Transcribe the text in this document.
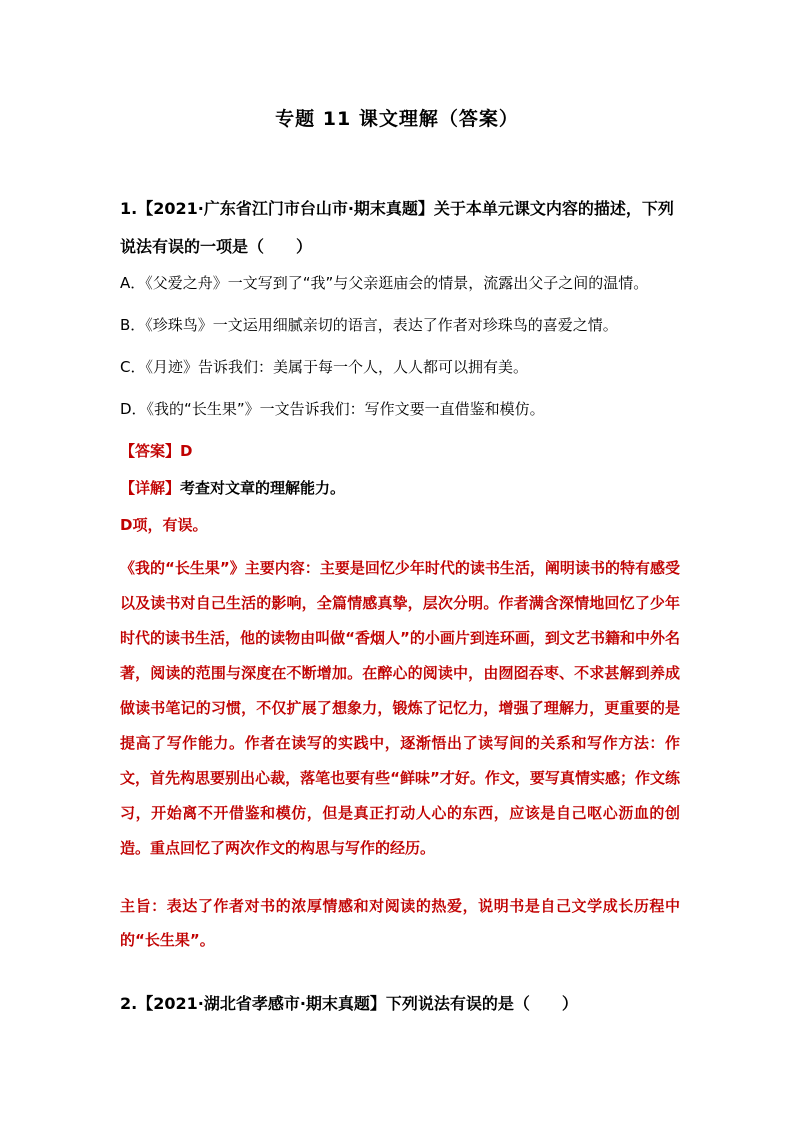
专题 11 课文理解（答案）
1.【2021·广东省江门市台山市·期末真题】关于本单元课文内容的描述，下列说法有误的一项是（　　）
A．《父爱之舟》一文写到了“我”与父亲逛庙会的情景，流露出父子之间的温情。
B．《珍珠鸟》一文运用细腻亲切的语言，表达了作者对珍珠鸟的喜爱之情。
C．《月迹》告诉我们：美属于每一个人，人人都可以拥有美。
D．《我的“长生果”》一文告诉我们：写作文要一直借鉴和模仿。
【答案】D
【详解】考查对文章的理解能力。
D项，有误。
《我的“长生果”》主要内容：主要是回忆少年时代的读书生活，阐明读书的特有感受以及读书对自己生活的影响，全篇情感真挚，层次分明。作者满含深情地回忆了少年时代的读书生活，他的读物由叫做“香烟人”的小画片到连环画，到文艺书籍和中外名著，阅读的范围与深度在不断增加。在醉心的阅读中，由囫囵吞枣、不求甚解到养成做读书笔记的习惯，不仅扩展了想象力，锻炼了记忆力，增强了理解力，更重要的是提高了写作能力。作者在读写的实践中，逐渐悟出了读写间的关系和写作方法：作文，首先构思要别出心裁，落笔也要有些“鲜味”才好。作文，要写真情实感；作文练习，开始离不开借鉴和模仿，但是真正打动人心的东西，应该是自己呕心沥血的创造。重点回忆了两次作文的构思与写作的经历。
主旨：表达了作者对书的浓厚情感和对阅读的热爱，说明书是自己文学成长历程中的“长生果”。
2.【2021·湖北省孝感市·期末真题】下列说法有误的是（　　）
